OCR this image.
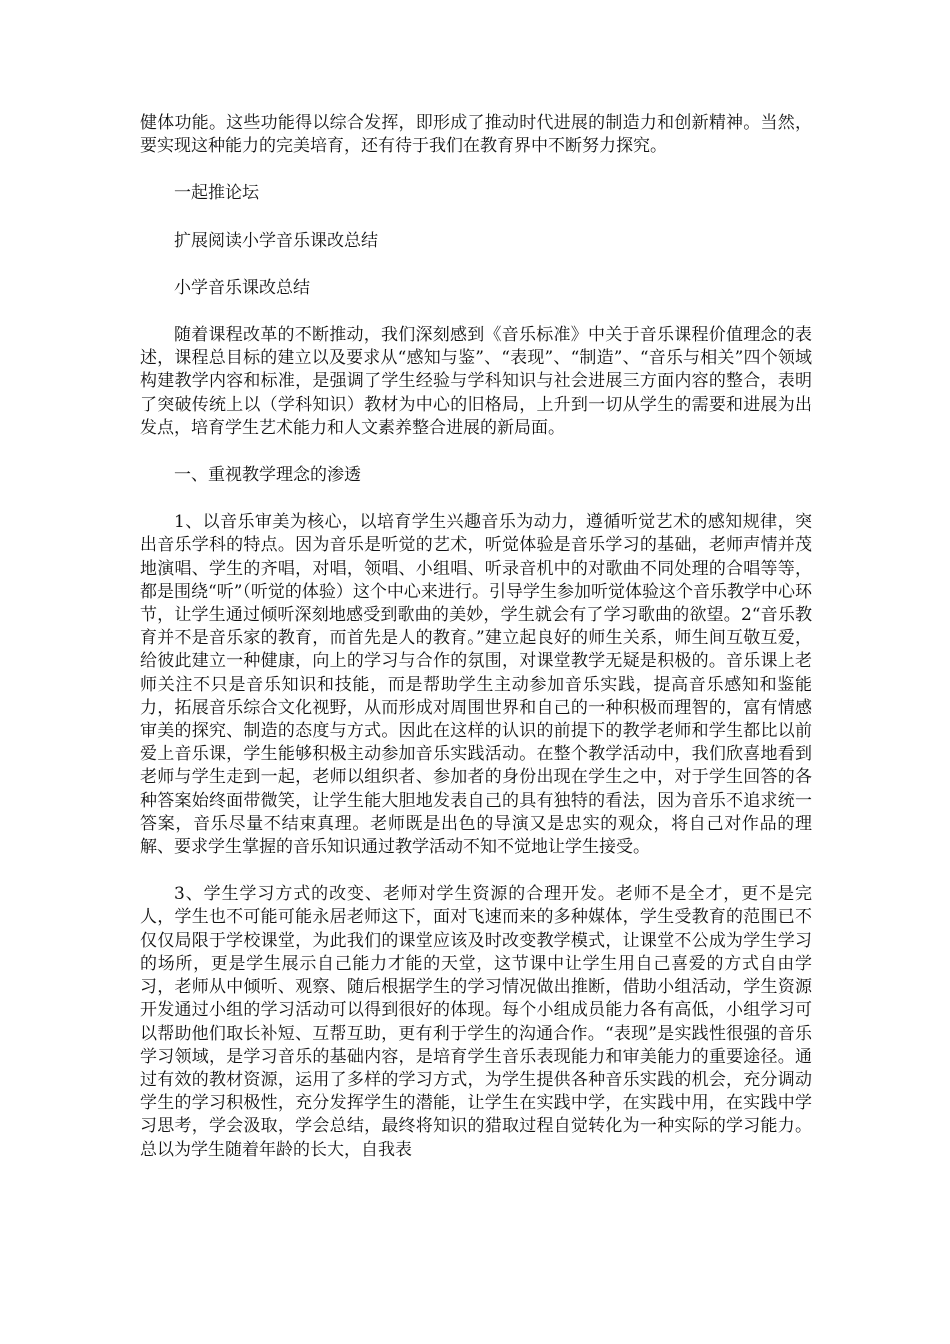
健体功能。这些功能得以综合发挥，即形成了推动时代进展的制造力和创新精神。当然，要实现这种能力的完美培育，还有待于我们在教育界中不断努力探究。

一起推论坛

扩展阅读小学音乐课改总结

小学音乐课改总结

随着课程改革的不断推动，我们深刻感到《音乐标准》中关于音乐课程价值理念的表述，课程总目标的建立以及要求从“感知与鉴”、“表现”、“制造”、“音乐与相关”四个领域构建教学内容和标准，是强调了学生经验与学科知识与社会进展三方面内容的整合，表明了突破传统上以（学科知识）教材为中心的旧格局，上升到一切从学生的需要和进展为出发点，培育学生艺术能力和人文素养整合进展的新局面。

一、重视教学理念的渗透

1、以音乐审美为核心，以培育学生兴趣音乐为动力，遵循听觉艺术的感知规律，突出音乐学科的特点。因为音乐是听觉的艺术，听觉体验是音乐学习的基础，老师声情并茂地演唱、学生的齐唱，对唱，领唱、小组唱、听录音机中的对歌曲不同处理的合唱等等，都是围绕“听”（听觉的体验）这个中心来进行。引导学生参加听觉体验这个音乐教学中心环节，让学生通过倾听深刻地感受到歌曲的美妙，学生就会有了学习歌曲的欲望。2“音乐教育并不是音乐家的教育，而首先是人的教育。”建立起良好的师生关系，师生间互敬互爱，给彼此建立一种健康，向上的学习与合作的氛围，对课堂教学无疑是积极的。音乐课上老师关注不只是音乐知识和技能，而是帮助学生主动参加音乐实践，提高音乐感知和鉴能力，拓展音乐综合文化视野，从而形成对周围世界和自己的一种积极而理智的，富有情感审美的探究、制造的态度与方式。因此在这样的认识的前提下的教学老师和学生都比以前爱上音乐课，学生能够积极主动参加音乐实践活动。在整个教学活动中，我们欣喜地看到老师与学生走到一起，老师以组织者、参加者的身份出现在学生之中，对于学生回答的各种答案始终面带微笑，让学生能大胆地发表自己的具有独特的看法，因为音乐不追求统一答案，音乐尽量不结束真理。老师既是出色的导演又是忠实的观众，将自己对作品的理解、要求学生掌握的音乐知识通过教学活动不知不觉地让学生接受。

3、学生学习方式的改变、老师对学生资源的合理开发。老师不是全才，更不是完人，学生也不可能可能永居老师这下，面对飞速而来的多种媒体，学生受教育的范围已不仅仅局限于学校课堂，为此我们的课堂应该及时改变教学模式，让课堂不公成为学生学习的场所，更是学生展示自己能力才能的天堂，这节课中让学生用自己喜爱的方式自由学习，老师从中倾听、观察、随后根据学生的学习情况做出推断，借助小组活动，学生资源开发通过小组的学习活动可以得到很好的体现。每个小组成员能力各有高低，小组学习可以帮助他们取长补短、互帮互助，更有利于学生的沟通合作。“表现”是实践性很强的音乐学习领域，是学习音乐的基础内容，是培育学生音乐表现能力和审美能力的重要途径。通过有效的教材资源，运用了多样的学习方式，为学生提供各种音乐实践的机会，充分调动学生的学习积极性，充分发挥学生的潜能，让学生在实践中学，在实践中用，在实践中学习思考，学会汲取，学会总结，最终将知识的猎取过程自觉转化为一种实际的学习能力。总以为学生随着年龄的长大，自我表
